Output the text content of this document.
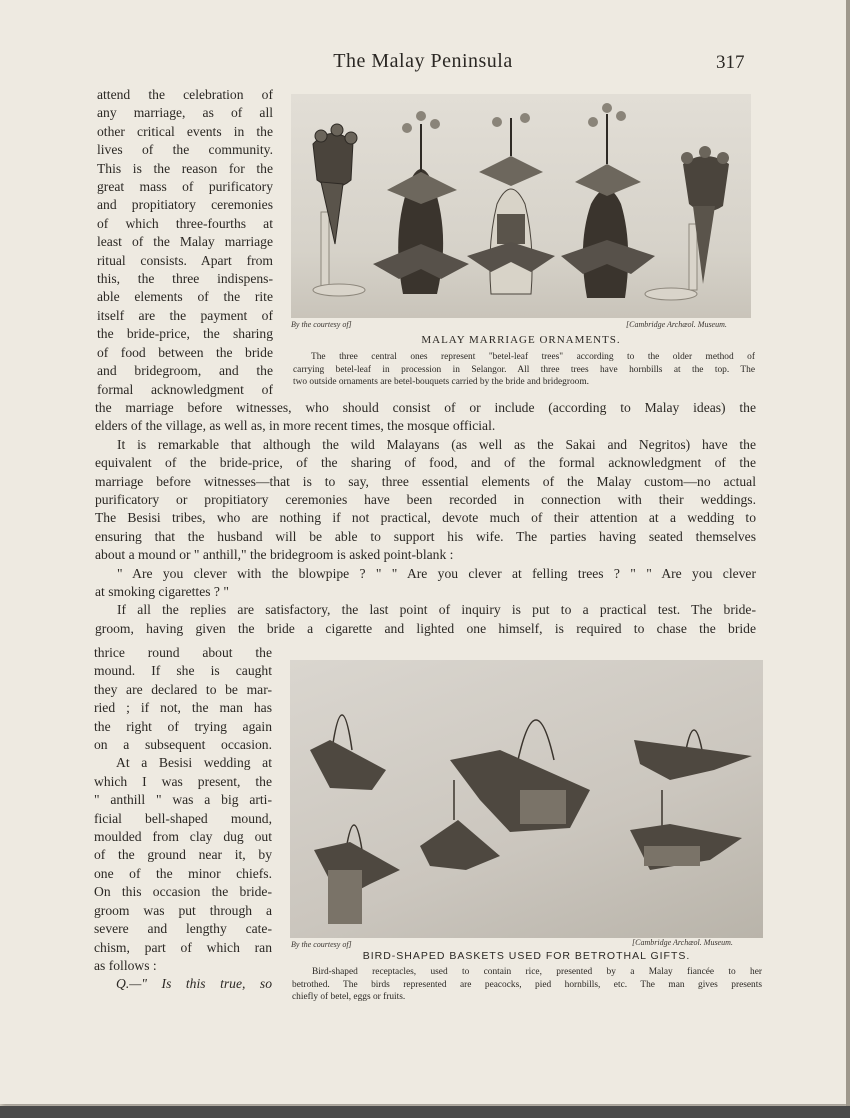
The Malay Peninsula	317
attend the celebration of
any marriage, as of all
other critical events in the
lives of the community.
This is the reason for the
great mass of purificatory
and propitiatory ceremonies
of which three-fourths at
least of the Malay marriage
ritual consists. Apart from
this, the three indispens-
able elements of the rite
itself are the payment of
the bride-price, the sharing
of food between the bride
and bridegroom, and the
formal acknowledgment of
By the courtesy of]	[Cambridge Archæol. Museum.
MALAY MARRIAGE ORNAMENTS.
The three central ones represent "betel-leaf trees" according to the older method of
carrying betel-leaf in procession in Selangor. All three trees have hornbills at the top. The
two outside ornaments are betel-bouquets carried by the bride and bridegroom.
the marriage before witnesses, who should consist of or include (according to Malay ideas) the
elders of the village, as well as, in more recent times, the mosque official.
It is remarkable that although the wild Malayans (as well as the Sakai and Negritos) have the
equivalent of the bride-price, of the sharing of food, and of the formal acknowledgment of the
marriage before witnesses—that is to say, three essential elements of the Malay custom—no actual
purificatory or propitiatory ceremonies have been recorded in connection with their weddings.
The Besisi tribes, who are nothing if not practical, devote much of their attention at a wedding to
ensuring that the husband will be able to support his wife. The parties having seated themselves
about a mound or " anthill," the bridegroom is asked point-blank :
" Are you clever with the blowpipe ? " " Are you clever at felling trees ? " " Are you clever
at smoking cigarettes ? "
If all the replies are satisfactory, the last point of inquiry is put to a practical test. The bride-
groom, having given the bride a cigarette and lighted one himself, is required to chase the bride
thrice round about the
mound. If she is caught
they are declared to be mar-
ried ; if not, the man has
the right of trying again
on a subsequent occasion.
At a Besisi wedding at
which I was present, the
" anthill " was a big arti-
ficial bell-shaped mound,
moulded from clay dug out
of the ground near it, by
one of the minor chiefs.
On this occasion the bride-
groom was put through a
severe and lengthy cate-
chism, part of which ran
as follows :
Q.—" Is this true, so
By the courtesy of]	[Cambridge Archæol. Museum.
BIRD-SHAPED BASKETS USED FOR BETROTHAL GIFTS.
Bird-shaped receptacles, used to contain rice, presented by a Malay fiancée to her
betrothed. The birds represented are peacocks, pied hornbills, etc. The man gives presents
chiefly of betel, eggs or fruits.
